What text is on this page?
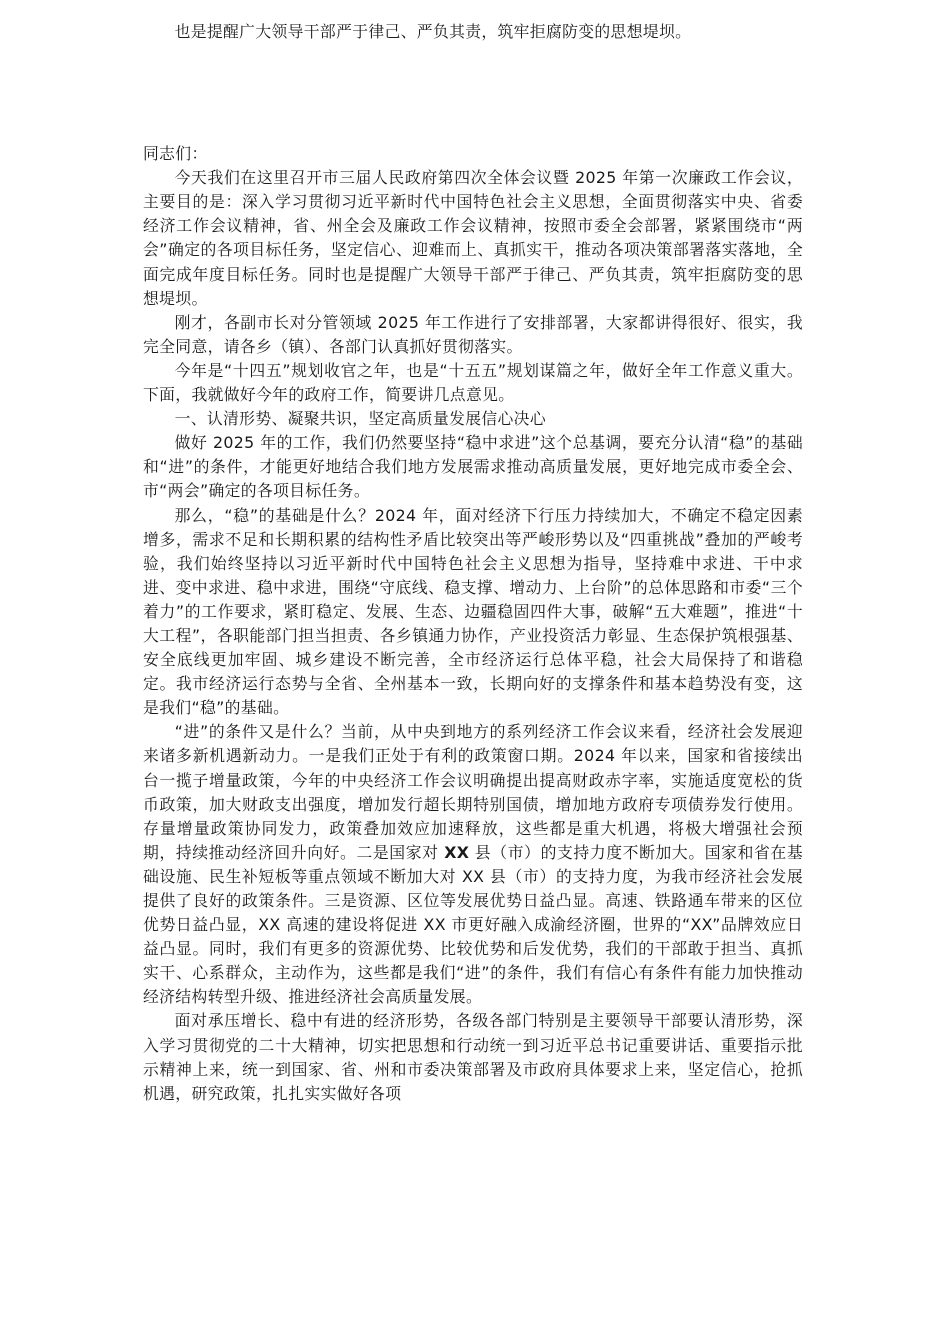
也是提醒广大领导干部严于律己、严负其责，筑牢拒腐防变的思想堤坝。

同志们：

今天我们在这里召开市三届人民政府第四次全体会议暨 2025 年第一次廉政工作会议，主要目的是：深入学习贯彻习近平新时代中国特色社会主义思想，全面贯彻落实中央、省委经济工作会议精神，省、州全会及廉政工作会议精神，按照市委全会部署，紧紧围绕市“两会”确定的各项目标任务，坚定信心、迎难而上、真抓实干，推动各项决策部署落实落地，全面完成年度目标任务。同时也是提醒广大领导干部严于律己、严负其责，筑牢拒腐防变的思想堤坝。

刚才，各副市长对分管领域 2025 年工作进行了安排部署，大家都讲得很好、很实，我完全同意，请各乡（镇）、各部门认真抓好贯彻落实。

今年是“十四五”规划收官之年，也是“十五五”规划谋篇之年，做好全年工作意义重大。下面，我就做好今年的政府工作，简要讲几点意见。

一、认清形势、凝聚共识，坚定高质量发展信心决心

做好 2025 年的工作，我们仍然要坚持“稳中求进”这个总基调，要充分认清“稳”的基础和“进”的条件，才能更好地结合我们地方发展需求推动高质量发展，更好地完成市委全会、市“两会”确定的各项目标任务。

那么，“稳”的基础是什么？2024 年，面对经济下行压力持续加大，不确定不稳定因素增多，需求不足和长期积累的结构性矛盾比较突出等严峻形势以及“四重挑战”叠加的严峻考验，我们始终坚持以习近平新时代中国特色社会主义思想为指导，坚持难中求进、干中求进、变中求进、稳中求进，围绕“守底线、稳支撑、增动力、上台阶”的总体思路和市委“三个着力”的工作要求，紧盯稳定、发展、生态、边疆稳固四件大事，破解“五大难题”，推进“十大工程”，各职能部门担当担责、各乡镇通力协作，产业投资活力彰显、生态保护筑根强基、安全底线更加牢固、城乡建设不断完善，全市经济运行总体平稳，社会大局保持了和谐稳定。我市经济运行态势与全省、全州基本一致，长期向好的支撑条件和基本趋势没有变，这是我们“稳”的基础。

“进”的条件又是什么？当前，从中央到地方的系列经济工作会议来看，经济社会发展迎来诸多新机遇新动力。一是我们正处于有利的政策窗口期。2024 年以来，国家和省接续出台一揽子增量政策，今年的中央经济工作会议明确提出提高财政赤字率，实施适度宽松的货币政策，加大财政支出强度，增加发行超长期特别国债，增加地方政府专项债券发行使用。存量增量政策协同发力，政策叠加效应加速释放，这些都是重大机遇，将极大增强社会预期，持续推动经济回升向好。二是国家对 XX 县（市）的支持力度不断加大。国家和省在基础设施、民生补短板等重点领域不断加大对 XX 县（市）的支持力度，为我市经济社会发展提供了良好的政策条件。三是资源、区位等发展优势日益凸显。高速、铁路通车带来的区位优势日益凸显，XX 高速的建设将促进 XX 市更好融入成渝经济圈，世界的“XX”品牌效应日益凸显。同时，我们有更多的资源优势、比较优势和后发优势，我们的干部敢于担当、真抓实干、心系群众，主动作为，这些都是我们“进”的条件，我们有信心有条件有能力加快推动经济结构转型升级、推进经济社会高质量发展。

面对承压增长、稳中有进的经济形势，各级各部门特别是主要领导干部要认清形势，深入学习贯彻党的二十大精神，切实把思想和行动统一到习近平总书记重要讲话、重要指示批示精神上来，统一到国家、省、州和市委决策部署及市政府具体要求上来，坚定信心，抢抓机遇，研究政策，扎扎实实做好各项
